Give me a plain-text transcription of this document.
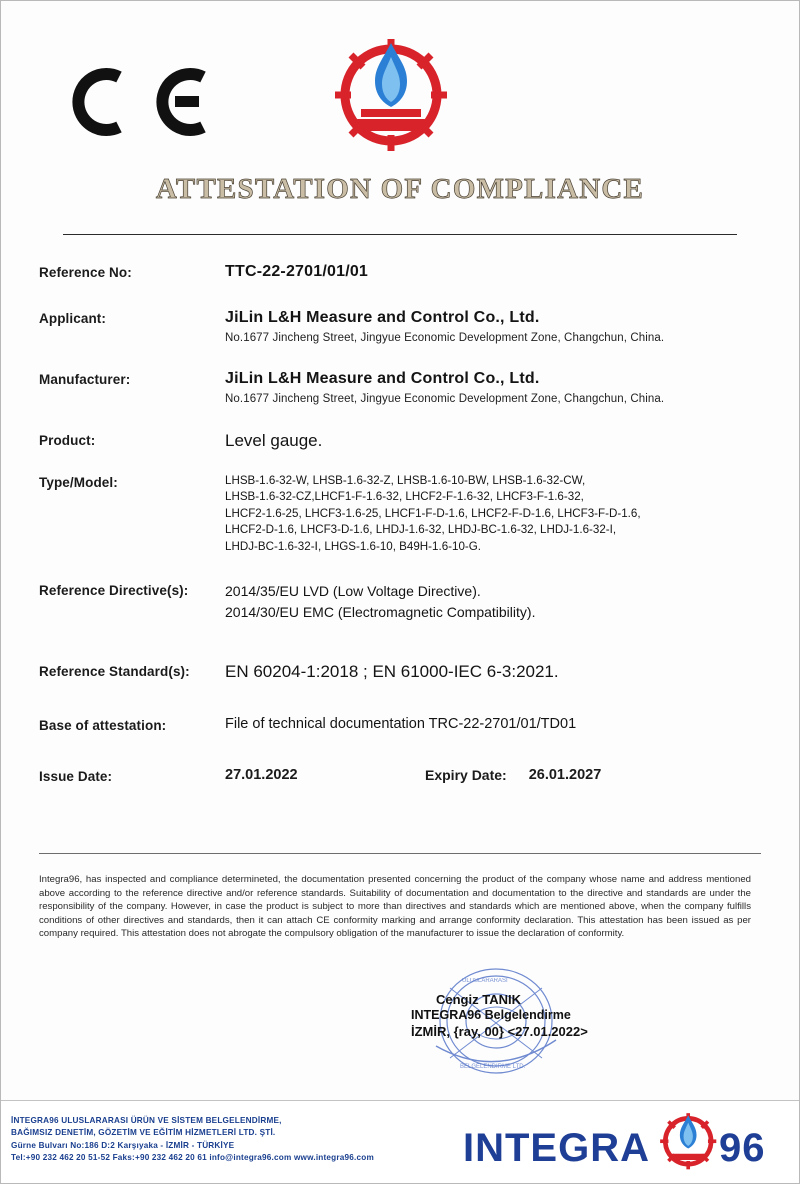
ATTESTATION OF COMPLIANCE
Reference No:	TTC-22-2701/01/01
Applicant:	JiLin L&H Measure and Control Co., Ltd.
No.1677 Jincheng Street, Jingyue Economic Development Zone, Changchun, China.
Manufacturer:	JiLin L&H Measure and Control Co., Ltd.
No.1677 Jincheng Street, Jingyue Economic Development Zone, Changchun, China.
Product:	Level gauge.
Type/Model:	LHSB-1.6-32-W, LHSB-1.6-32-Z, LHSB-1.6-10-BW, LHSB-1.6-32-CW,
LHSB-1.6-32-CZ,LHCF1-F-1.6-32, LHCF2-F-1.6-32, LHCF3-F-1.6-32,
LHCF2-1.6-25, LHCF3-1.6-25, LHCF1-F-D-1.6, LHCF2-F-D-1.6, LHCF3-F-D-1.6,
LHCF2-D-1.6, LHCF3-D-1.6, LHDJ-1.6-32, LHDJ-BC-1.6-32, LHDJ-1.6-32-I,
LHDJ-BC-1.6-32-Ⅰ, LHGS-1.6-10, B49H-1.6-10-G.
Reference Directive(s):	2014/35/EU LVD (Low Voltage Directive).
2014/30/EU EMC (Electromagnetic Compatibility).
Reference Standard(s):	EN 60204-1:2018 ; EN 61000-IEC 6-3:2021.
Base of attestation:	File of technical documentation TRC-22-2701/01/TD01
Issue Date:	27.01.2022	Expiry Date: 26.01.2027
Integra96, has inspected and compliance determineted, the documentation presented concerning the product of the company whose name and address mentioned above according to the reference directive and/or reference standards. Suitability of documentation and documentation to the directive and standards are under the responsibility of the company. However, in case the product is subject to more than directives and standards which are mentioned above, when the company fulfills conditions of other directives and standards, then it can attach CE conformity marking and arrange conformity declaration. This attestation has been issued as per company required. This attestation does not abrogate the compulsory obligation of the manufacturer to issue the declaration of conformity.
ULUSLARARASI
BELGELENDIRME LTD.
Cengiz TANIK
INTEGRA96 Belgelendirme
İZMİR, {ray, 00} <27.01.2022>
İNTEGRA96 ULUSLARARASI ÜRÜN VE SİSTEM BELGELENDİRME,
BAĞIMSIZ DENETİM, GÖZETİM VE EĞİTİM HİZMETLERİ LTD. ŞTİ.
Gürne Bulvarı No:186 D:2 Karşıyaka - İZMİR - TÜRKİYE
Tel:+90 232 462 20 51-52 Faks:+90 232 462 20 61 info@integra96.com www.integra96.com	INTEGRA 96
